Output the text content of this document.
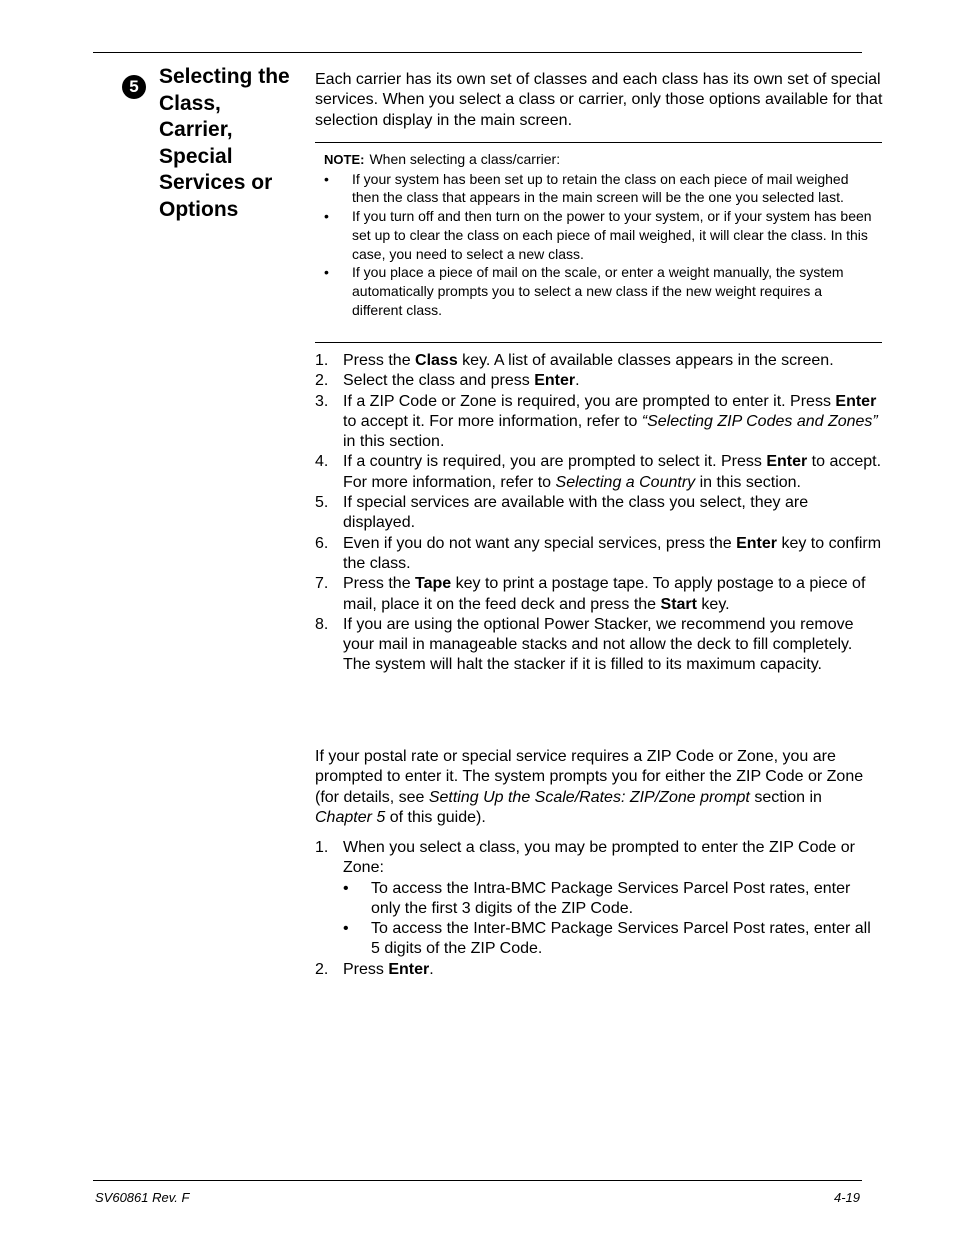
5 Selecting the Class, Carrier, Special Services or Options

Each carrier has its own set of classes and each class has its own set of special services. When you select a class or carrier, only those options available for that selection display in the main screen.

NOTE: When selecting a class/carrier:

• If your system has been set up to retain the class on each piece of mail weighed then the class that appears in the main screen will be the one you selected last.
• If you turn off and then turn on the power to your system, or if your system has been set up to clear the class on each piece of mail weighed, it will clear the class. In this case, you need to select a new class.
• If you place a piece of mail on the scale, or enter a weight manually, the system automatically prompts you to select a new class if the new weight requires a different class.
1. Press the Class key. A list of available classes appears in the screen.
2. Select the class and press Enter.
3. If a ZIP Code or Zone is required, you are prompted to enter it. Press Enter to accept it. For more information, refer to “Selecting ZIP Codes and Zones” in this section.
4. If a country is required, you are prompted to select it. Press Enter to accept. For more information, refer to Selecting a Country in this section.
5. If special services are available with the class you select, they are displayed.
6. Even if you do not want any special services, press the Enter key to confirm the class.
7. Press the Tape key to print a postage tape. To apply postage to a piece of mail, place it on the feed deck and press the Start key.
8. If you are using the optional Power Stacker, we recommend you remove your mail in manageable stacks and not allow the deck to fill completely. The system will halt the stacker if it is filled to its maximum capacity.

If your postal rate or special service requires a ZIP Code or Zone, you are prompted to enter it. The system prompts you for either the ZIP Code or Zone (for details, see Setting Up the Scale/Rates: ZIP/Zone prompt section in Chapter 5 of this guide).

1. When you select a class, you may be prompted to enter the ZIP Code or Zone:
• To access the Intra-BMC Package Services Parcel Post rates, enter only the first 3 digits of the ZIP Code.
• To access the Inter-BMC Package Services Parcel Post rates, enter all 5 digits of the ZIP Code.
2. Press Enter.

SV60861 Rev. F	4-19
